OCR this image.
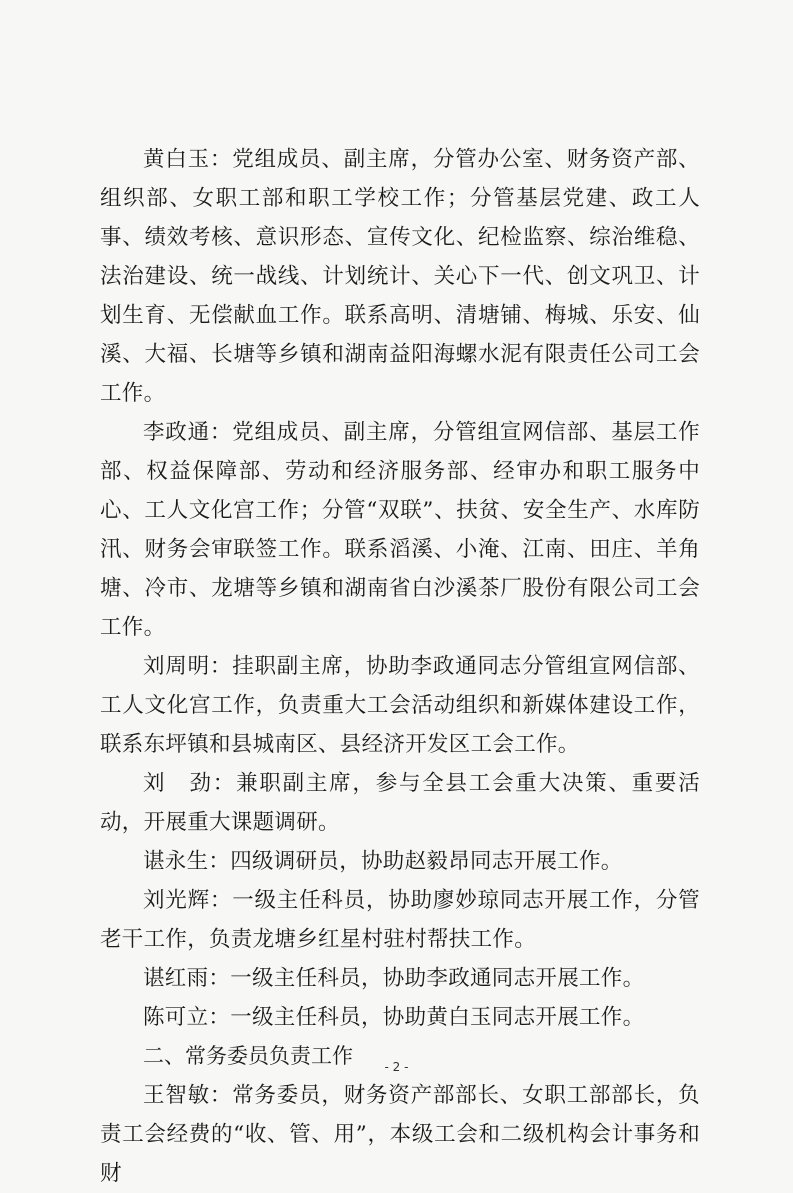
黄白玉：党组成员、副主席，分管办公室、财务资产部、组织部、女职工部和职工学校工作；分管基层党建、政工人事、绩效考核、意识形态、宣传文化、纪检监察、综治维稳、法治建设、统一战线、计划统计、关心下一代、创文巩卫、计划生育、无偿献血工作。联系高明、清塘铺、梅城、乐安、仙溪、大福、长塘等乡镇和湖南益阳海螺水泥有限责任公司工会工作。

李政通：党组成员、副主席，分管组宣网信部、基层工作部、权益保障部、劳动和经济服务部、经审办和职工服务中心、工人文化宫工作；分管“双联”、扶贫、安全生产、水库防汛、财务会审联签工作。联系滔溪、小淹、江南、田庄、羊角塘、冷市、龙塘等乡镇和湖南省白沙溪茶厂股份有限公司工会工作。

刘周明：挂职副主席，协助李政通同志分管组宣网信部、工人文化宫工作，负责重大工会活动组织和新媒体建设工作，联系东坪镇和县城南区、县经济开发区工会工作。

刘　劲：兼职副主席，参与全县工会重大决策、重要活动，开展重大课题调研。

谌永生：四级调研员，协助赵毅昂同志开展工作。

刘光辉：一级主任科员，协助廖妙琼同志开展工作，分管老干工作，负责龙塘乡红星村驻村帮扶工作。

谌红雨：一级主任科员，协助李政通同志开展工作。

陈可立：一级主任科员，协助黄白玉同志开展工作。

二、常务委员负责工作

王智敏：常务委员，财务资产部部长、女职工部部长，负责工会经费的“收、管、用”，本级工会和二级机构会计事务和财

- 2 -
